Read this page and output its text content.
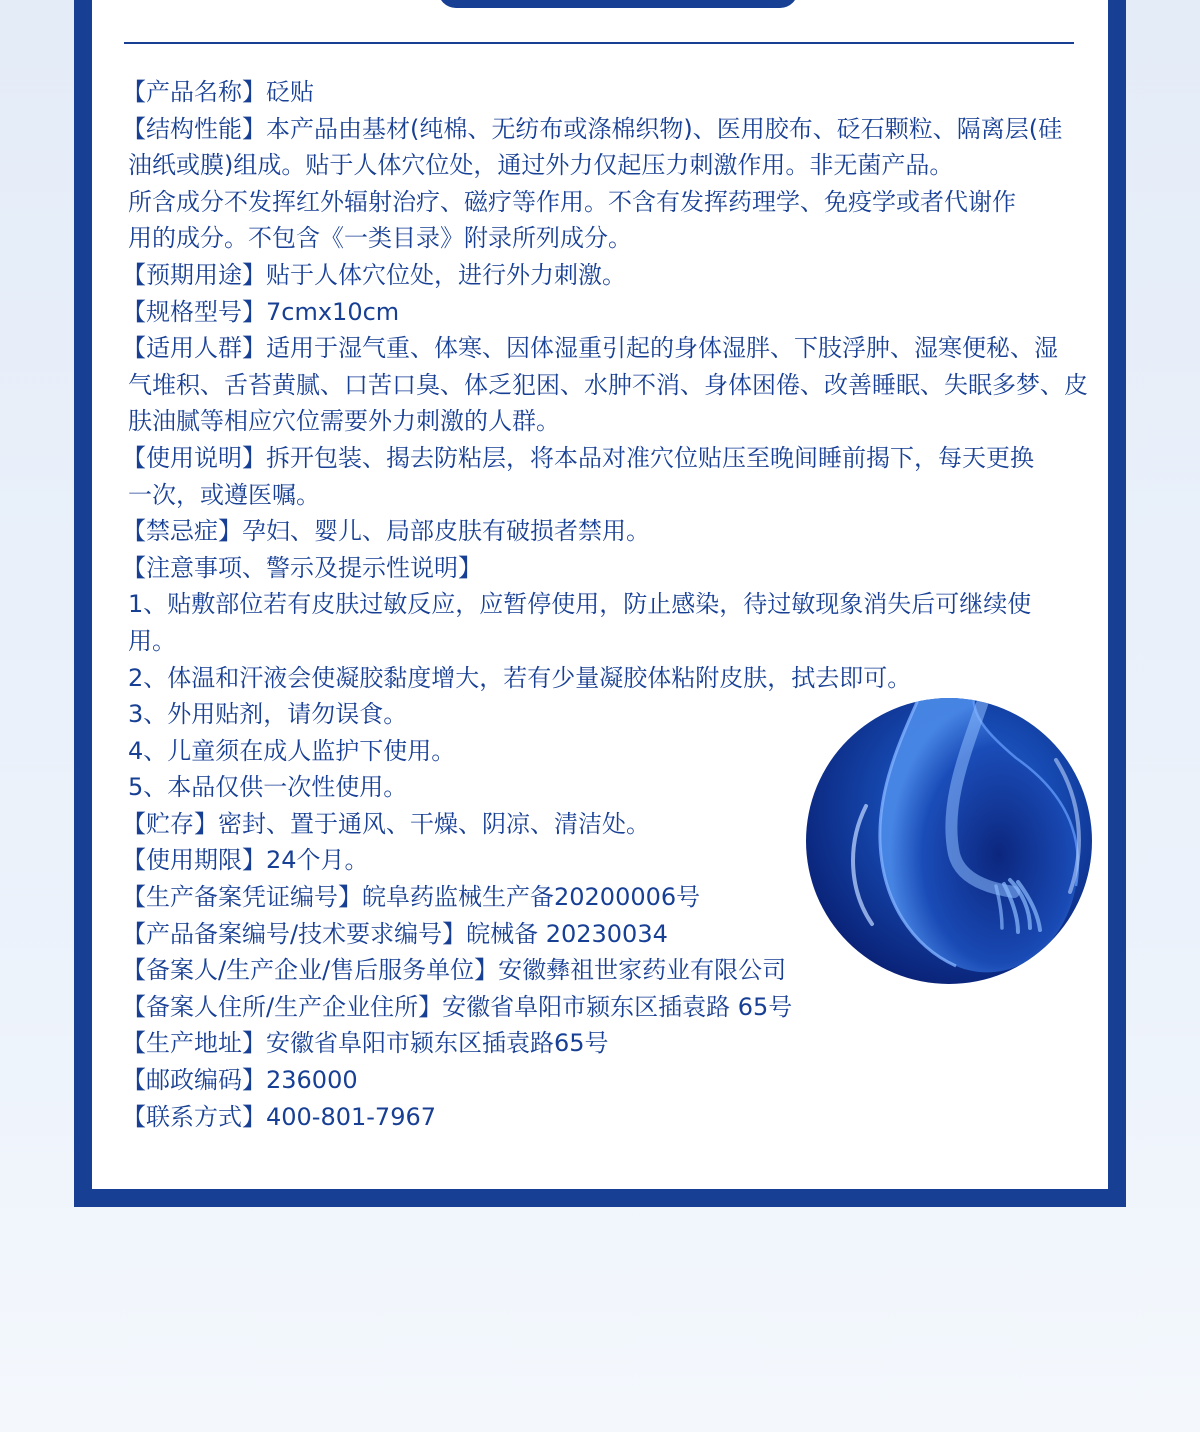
【产品名称】砭贴
【结构性能】本产品由基材(纯棉、无纺布或涤棉织物)、医用胶布、砭石颗粒、隔离层(硅
油纸或膜)组成。贴于人体穴位处，通过外力仅起压力刺激作用。非无菌产品。
所含成分不发挥红外辐射治疗、磁疗等作用。不含有发挥药理学、免疫学或者代谢作
用的成分。不包含《一类目录》附录所列成分。
【预期用途】贴于人体穴位处，进行外力刺激。
【规格型号】7cmx10cm
【适用人群】适用于湿气重、体寒、因体湿重引起的身体湿胖、下肢浮肿、湿寒便秘、湿
气堆积、舌苔黄腻、口苦口臭、体乏犯困、水肿不消、身体困倦、改善睡眠、失眠多梦、皮
肤油腻等相应穴位需要外力刺激的人群。
【使用说明】拆开包装、揭去防粘层，将本品对准穴位贴压至晚间睡前揭下，每天更换
一次，或遵医嘱。
【禁忌症】孕妇、婴儿、局部皮肤有破损者禁用。
【注意事项、警示及提示性说明】
1、贴敷部位若有皮肤过敏反应，应暂停使用，防止感染，待过敏现象消失后可继续使
用。
2、体温和汗液会使凝胶黏度增大，若有少量凝胶体粘附皮肤，拭去即可。
3、外用贴剂，请勿误食。
4、儿童须在成人监护下使用。
5、本品仅供一次性使用。
【贮存】密封、置于通风、干燥、阴凉、清洁处。
【使用期限】24个月。
【生产备案凭证编号】皖阜药监械生产备20200006号
【产品备案编号/技术要求编号】皖械备 20230034
【备案人/生产企业/售后服务单位】安徽彝祖世家药业有限公司
【备案人住所/生产企业住所】安徽省阜阳市颍东区插袁路 65号
【生产地址】安徽省阜阳市颍东区插袁路65号
【邮政编码】236000
【联系方式】400-801-7967
